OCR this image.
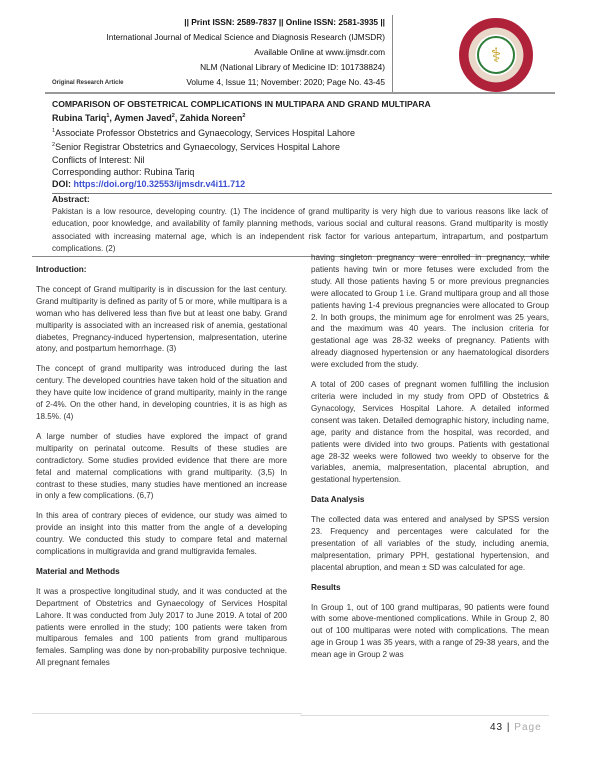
|| Print ISSN: 2589-7837 || Online ISSN: 2581-3935 ||
International Journal of Medical Science and Diagnosis Research (IJMSDR)
Available Online at www.ijmsdr.com
NLM (National Library of Medicine ID: 101738824)
Volume 4, Issue 11; November: 2020; Page No. 43-45
Original Research Article
⚕
COMPARISON OF OBSTETRICAL COMPLICATIONS IN MULTIPARA AND GRAND MULTIPARA
Rubina Tariq$^1$, Aymen Javed$^2$, Zahida Noreen$^2$
$^1$Associate Professor Obstetrics and Gynaecology, Services Hospital Lahore
$^2$Senior Registrar Obstetrics and Gynaecology, Services Hospital Lahore
Conflicts of Interest: Nil
Corresponding author: Rubina Tariq
DOI: https://doi.org/10.32553/ijmsdr.v4i11.712
Abstract:
Pakistan is a low resource, developing country. (1) The incidence of grand multiparity is very high due to various reasons like lack of education, poor knowledge, and availability of family planning methods, various social and cultural reasons. Grand multiparity is mostly associated with increasing maternal age, which is an independent risk factor for various antepartum, intrapartum, and postpartum complications. (2)
Introduction:

The concept of Grand multiparity is in discussion for the last century. Grand multiparity is defined as parity of 5 or more, while multipara is a woman who has delivered less than five but at least one baby. Grand multiparity is associated with an increased risk of anemia, gestational diabetes, Pregnancy-induced hypertension, malpresentation, uterine atony, and postpartum hemorrhage. (3)

The concept of grand multiparity was introduced during the last century. The developed countries have taken hold of the situation and they have quite low incidence of grand multiparity, mainly in the range of 2-4%. On the other hand, in developing countries, it is as high as 18.5%. (4)

A large number of studies have explored the impact of grand multiparity on perinatal outcome. Results of these studies are contradictory. Some studies provided evidence that there are more fetal and maternal complications with grand multiparity. (3,5) In contrast to these studies, many studies have mentioned an increase in only a few complications. (6,7)

In this area of contrary pieces of evidence, our study was aimed to provide an insight into this matter from the angle of a developing country. We conducted this study to compare fetal and maternal complications in multigravida and grand multigravida females.

Material and Methods

It was a prospective longitudinal study, and it was conducted at the Department of Obstetrics and Gynaecology of Services Hospital Lahore. It was conducted from July 2017 to June 2019. A total of 200 patients were enrolled in the study; 100 patients were taken from multiparous females and 100 patients from grand multiparous females. Sampling was done by non-probability purposive technique. All pregnant females

having singleton pregnancy were enrolled in pregnancy, while patients having twin or more fetuses were excluded from the study. All those patients having 5 or more previous pregnancies were allocated to Group 1 i.e. Grand multipara group and all those patients having 1-4 previous pregnancies were allocated to Group 2. In both groups, the minimum age for enrolment was 25 years, and the maximum was 40 years. The inclusion criteria for gestational age was 28-32 weeks of pregnancy. Patients with already diagnosed hypertension or any haematological disorders were excluded from the study.

A total of 200 cases of pregnant women fulfilling the inclusion criteria were included in my study from OPD of Obstetrics & Gynacology, Services Hospital Lahore. A detailed informed consent was taken. Detailed demographic history, including name, age, parity and distance from the hospital, was recorded, and patients were divided into two groups. Patients with gestational age 28-32 weeks were followed two weekly to observe for the variables, anemia, malpresentation, placental abruption, and gestational hypertension.

Data Analysis

The collected data was entered and analysed by SPSS version 23. Frequency and percentages were calculated for the presentation of all variables of the study, including anemia, malpresentation, primary PPH, gestational hypertension, and placental abruption, and mean ± SD was calculated for age.

Results

In Group 1, out of 100 grand multiparas, 90 patients were found with some above-mentioned complications. While in Group 2, 80 out of 100 multiparas were noted with complications. The mean age in Group 1 was 35 years, with a range of 29-38 years, and the mean age in Group 2 was

43 | Page
